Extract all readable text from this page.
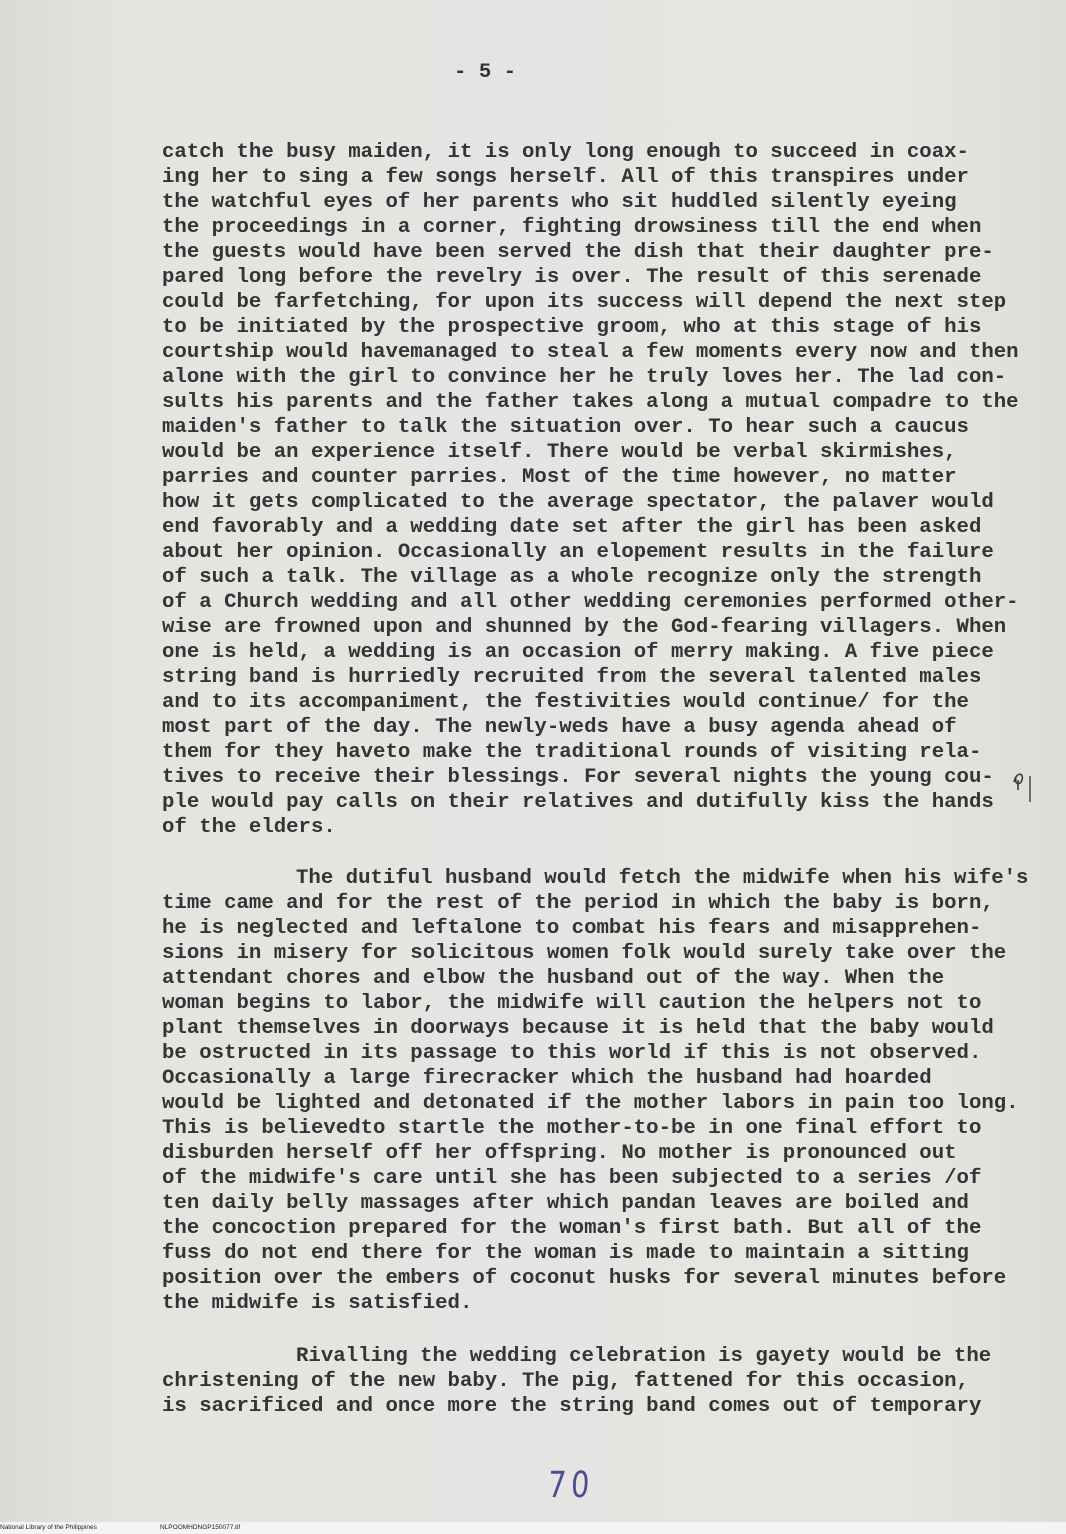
- 5 -
catch the busy maiden, it is only long enough to succeed in coax-
ing her to sing a few songs herself. All of this transpires under
the watchful eyes of her parents who sit huddled silently eyeing
the proceedings in a corner, fighting drowsiness till the end when
the guests would have been served the dish that their daughter pre-
pared long before the revelry is over. The result of this serenade
could be farfetching, for upon its success will depend the next step
to be initiated by the prospective groom, who at this stage of his
courtship would havemanaged to steal a few moments every now and then
alone with the girl to convince her he truly loves her. The lad con-
sults his parents and the father takes along a mutual compadre to the
maiden's father to talk the situation over. To hear such a caucus
would be an experience itself. There would be verbal skirmishes,
parries and counter parries. Most of the time however, no matter
how it gets complicated to the average spectator, the palaver would
end favorably and a wedding date set after the girl has been asked
about her opinion. Occasionally an elopement results in the failure
of such a talk. The village as a whole recognize only the strength
of a Church wedding and all other wedding ceremonies performed other-
wise are frowned upon and shunned by the God-fearing villagers. When
one is held, a wedding is an occasion of merry making. A five piece
string band is hurriedly recruited from the several talented males
and to its accompaniment, the festivities would continue/ for the
most part of the day. The newly-weds have a busy agenda ahead of
them for they haveto make the traditional rounds of visiting rela-
tives to receive their blessings. For several nights the young cou-
ple would pay calls on their relatives and dutifully kiss the hands
of the elders.
The dutiful husband would fetch the midwife when his wife's
time came and for the rest of the period in which the baby is born,
he is neglected and leftalone to combat his fears and misapprehen-
sions in misery for solicitous women folk would surely take over the
attendant chores and elbow the husband out of the way. When the
woman begins to labor, the midwife will caution the helpers not to
plant themselves in doorways because it is held that the baby would
be ostructed in its passage to this world if this is not observed.
Occasionally a large firecracker which the husband had hoarded
would be lighted and detonated if the mother labors in pain too long.
This is believedto startle the mother-to-be in one final effort to
disburden herself off her offspring. No mother is pronounced out
of the midwife's care until she has been subjected to a series /of
ten daily belly massages after which pandan leaves are boiled and
the concoction prepared for the woman's first bath. But all of the
fuss do not end there for the woman is made to maintain a sitting
position over the embers of coconut husks for several minutes before
the midwife is satisfied.
Rivalling the wedding celebration is gayety would be the
christening of the new baby. The pig, fattened for this occasion,
is sacrificed and once more the string band comes out of temporary
70
National Library of the Philippines	NLPOOMHDNGP150077.tif
